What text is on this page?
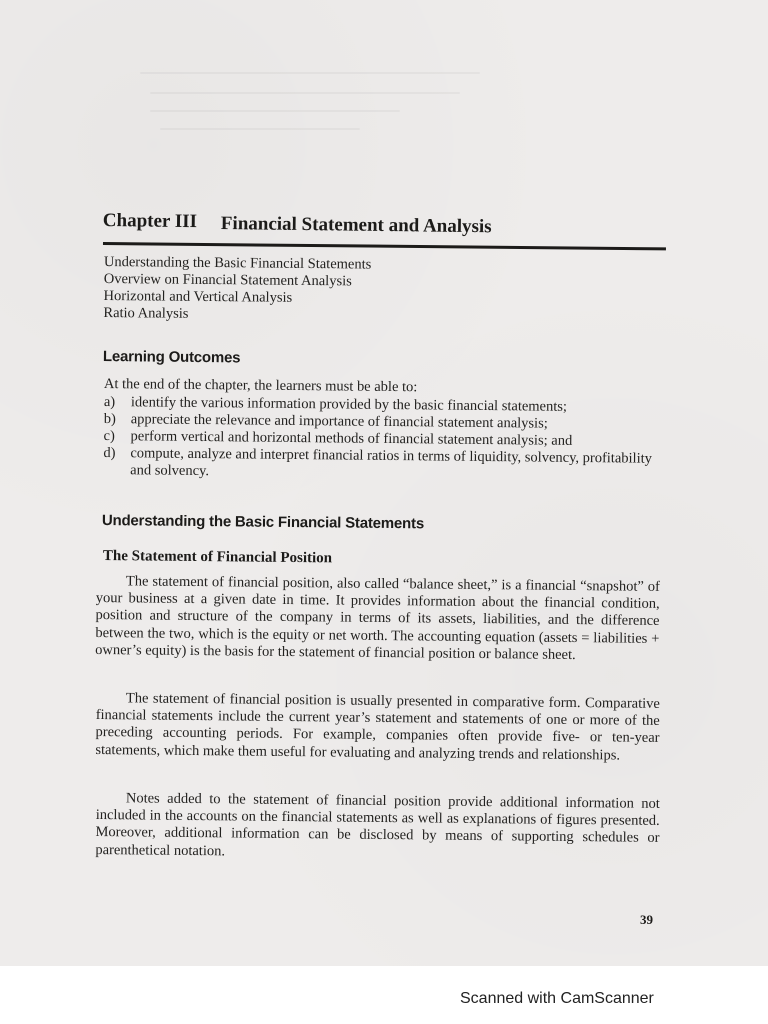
Chapter III Financial Statement and Analysis
Understanding the Basic Financial Statements
Overview on Financial Statement Analysis
Horizontal and Vertical Analysis
Ratio Analysis
Learning Outcomes
At the end of the chapter, the learners must be able to:
a)	identify the various information provided by the basic financial statements;
b)	appreciate the relevance and importance of financial statement analysis;
c)	perform vertical and horizontal methods of financial statement analysis; and
d)	compute, analyze and interpret financial ratios in terms of liquidity, solvency, profitability and solvency.
Understanding the Basic Financial Statements
The Statement of Financial Position

The statement of financial position, also called “balance sheet,” is a financial “snapshot” of your business at a given date in time. It provides information about the financial condition, position and structure of the company in terms of its assets, liabilities, and the difference between the two, which is the equity or net worth. The accounting equation (assets = liabilities + owner’s equity) is the basis for the statement of financial position or balance sheet.

The statement of financial position is usually presented in comparative form. Comparative financial statements include the current year’s statement and statements of one or more of the preceding accounting periods. For example, companies often provide five- or ten-year statements, which make them useful for evaluating and analyzing trends and relationships.

Notes added to the statement of financial position provide additional information not included in the accounts on the financial statements as well as explanations of figures presented. Moreover, additional information can be disclosed by means of supporting schedules or parenthetical notation.

39
Scanned with CamScanner
